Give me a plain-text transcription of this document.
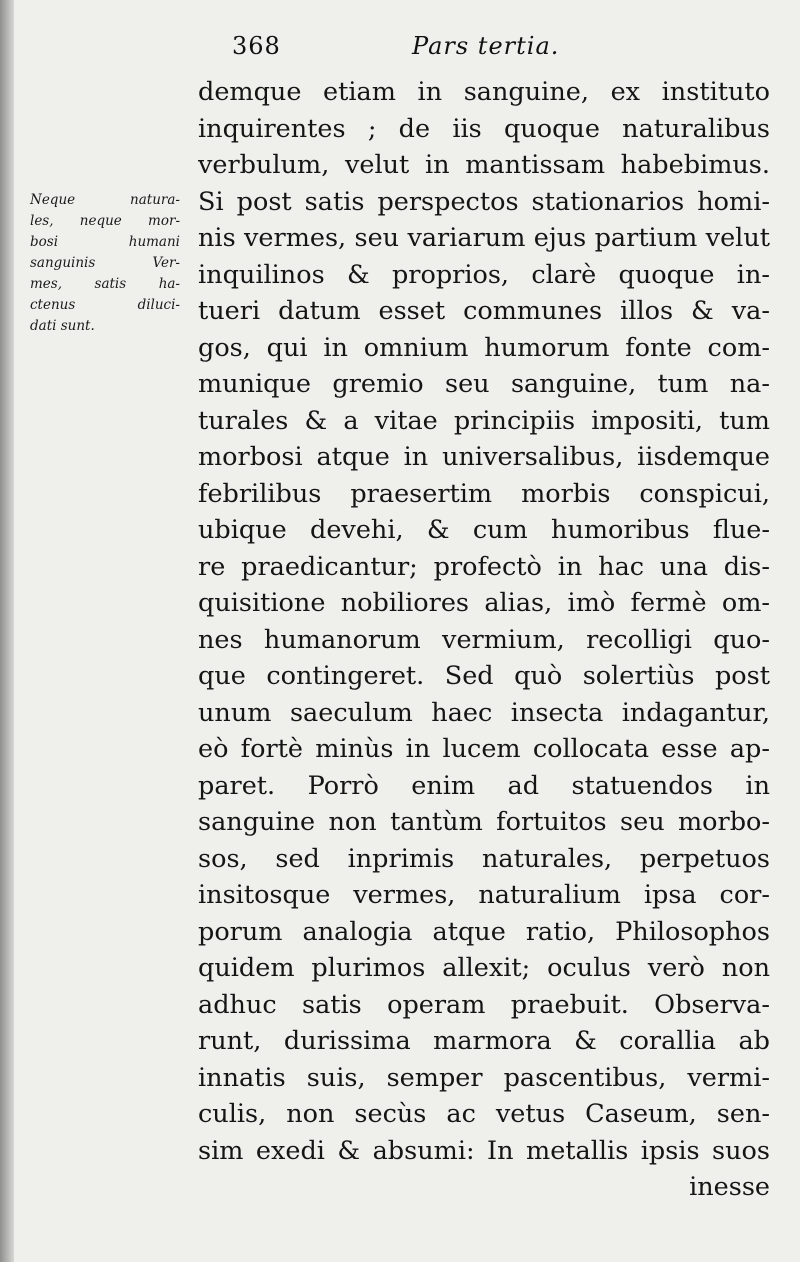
368	Pars tertia.
Neque natura-
les, neque mor-
bosi humani
sanguinis Ver-
mes, satis ha-
ctenus diluci-
dati sunt.
demque etiam in sanguine, ex instituto
inquirentes ; de iis quoque naturalibus
verbulum, velut in mantissam habebimus.
Si post satis perspectos stationarios homi-
nis vermes, seu variarum ejus partium velut
inquilinos & proprios, clarè quoque in-
tueri datum esset communes illos & va-
gos, qui in omnium humorum fonte com-
munique gremio seu sanguine, tum na-
turales & a vitae principiis impositi, tum
morbosi atque in universalibus, iisdemque
febrilibus praesertim morbis conspicui,
ubique devehi, & cum humoribus flue-
re praedicantur; profectò in hac una dis-
quisitione nobiliores alias, imò fermè om-
nes humanorum vermium, recolligi quo-
que contingeret. Sed quò solertiùs post
unum saeculum haec insecta indagantur,
eò fortè minùs in lucem collocata esse ap-
paret. Porrò enim ad statuendos in
sanguine non tantùm fortuitos seu morbo-
sos, sed inprimis naturales, perpetuos
insitosque vermes, naturalium ipsa cor-
porum analogia atque ratio, Philosophos
quidem plurimos allexit; oculus verò non
adhuc satis operam praebuit. Observa-
runt, durissima marmora & corallia ab
innatis suis, semper pascentibus, vermi-
culis, non secùs ac vetus Caseum, sen-
sim exedi & absumi: In metallis ipsis suos
inesse
